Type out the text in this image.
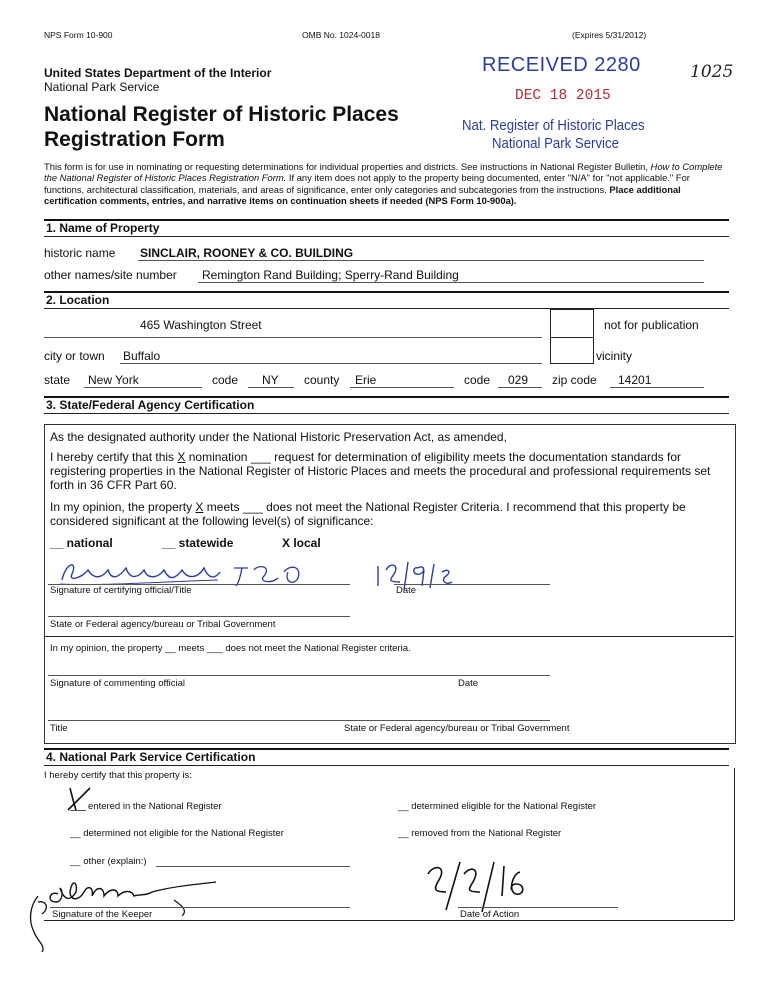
NPS Form 10-900	OMB No. 1024-0018	(Expires 5/31/2012)
United States Department of the Interior
National Park Service
National Register of Historic Places
Registration Form
RECEIVED 2280
DEC 18 2015
Nat. Register of Historic Places
National Park Service
1025
This form is for use in nominating or requesting determinations for individual properties and districts. See instructions in National Register Bulletin, How to Complete the National Register of Historic Places Registration Form. If any item does not apply to the property being documented, enter "N/A" for "not applicable." For functions, architectural classification, materials, and areas of significance, enter only categories and subcategories from the instructions. Place additional certification comments, entries, and narrative items on continuation sheets if needed (NPS Form 10-900a).
1. Name of Property
historic name SINCLAIR, ROONEY & CO. BUILDING
other names/site number Remington Rand Building; Sperry-Rand Building
2. Location
465 Washington Street	not for publication
city or town Buffalo	vicinity
state New York	code NY county Erie	code 029 zip code 14201
3. State/Federal Agency Certification
As the designated authority under the National Historic Preservation Act, as amended,
I hereby certify that this X nomination ___ request for determination of eligibility meets the documentation standards for registering properties in the National Register of Historic Places and meets the procedural and professional requirements set forth in 36 CFR Part 60.
In my opinion, the property X meets ___ does not meet the National Register Criteria. I recommend that this property be considered significant at the following level(s) of significance:
__ national	__ statewide	X local
Signature of certifying official/Title	Date
State or Federal agency/bureau or Tribal Government
In my opinion, the property __ meets ___ does not meet the National Register criteria.
Signature of commenting official	Date
Title	State or Federal agency/bureau or Tribal Government
4. National Park Service Certification
I hereby certify that this property is:
entered in the National Register	__ determined eligible for the National Register
__ determined not eligible for the National Register	__ removed from the National Register
__ other (explain:)
Signature of the Keeper	Date of Action
